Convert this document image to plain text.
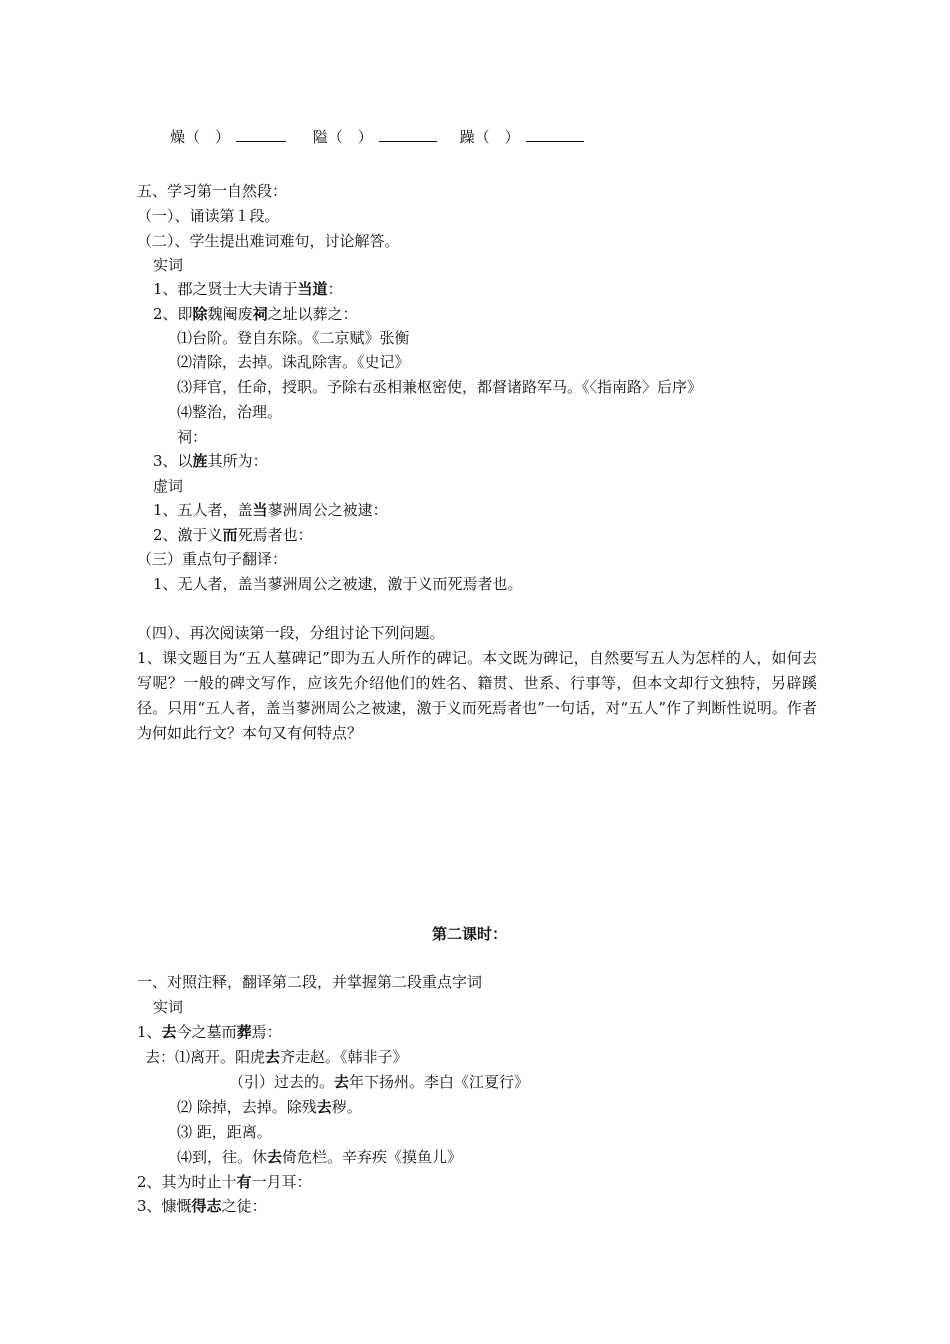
燥（　）	隘（　）	躁（　）
五、学习第一自然段：
（一）、诵读第１段。
（二）、学生提出难词难句，讨论解答。
实词
1、郡之贤士大夫请于当道：
2、即除魏阉废祠之址以葬之：
⑴台阶。登自东除。《二京赋》张衡
⑵清除，去掉。诛乱除害。《史记》
⑶拜官，任命，授职。予除右丞相兼枢密使，都督诸路军马。《〈指南路〉后序》
⑷整治，治理。
祠：
3、以旌其所为：
虚词
1、五人者，盖当蓼洲周公之被逮：
2、激于义而死焉者也：
（三）重点句子翻译：
1、无人者，盖当蓼洲周公之被逮，激于义而死焉者也。
（四）、再次阅读第一段，分组讨论下列问题。
1、课文题目为“五人墓碑记”即为五人所作的碑记。本文既为碑记，自然要写五人为怎样的人，如何去写呢？一般的碑文写作，应该先介绍他们的姓名、籍贯、世系、行事等，但本文却行文独特，另辟蹊径。只用“五人者，盖当蓼洲周公之被逮，激于义而死焉者也”一句话，对“五人”作了判断性说明。作者为何如此行文？本句又有何特点？
第二课时：
一、对照注释，翻译第二段，并掌握第二段重点字词
实词
1、去今之墓而葬焉：
去：⑴离开。阳虎去齐走赵。《韩非子》
（引）过去的。去年下扬州。李白《江夏行》
⑵ 除掉，去掉。除残去秽。
⑶ 距，距离。
⑷到，往。休去倚危栏。辛弃疾《摸鱼儿》
2、其为时止十有一月耳：
3、慷慨得志之徒：
